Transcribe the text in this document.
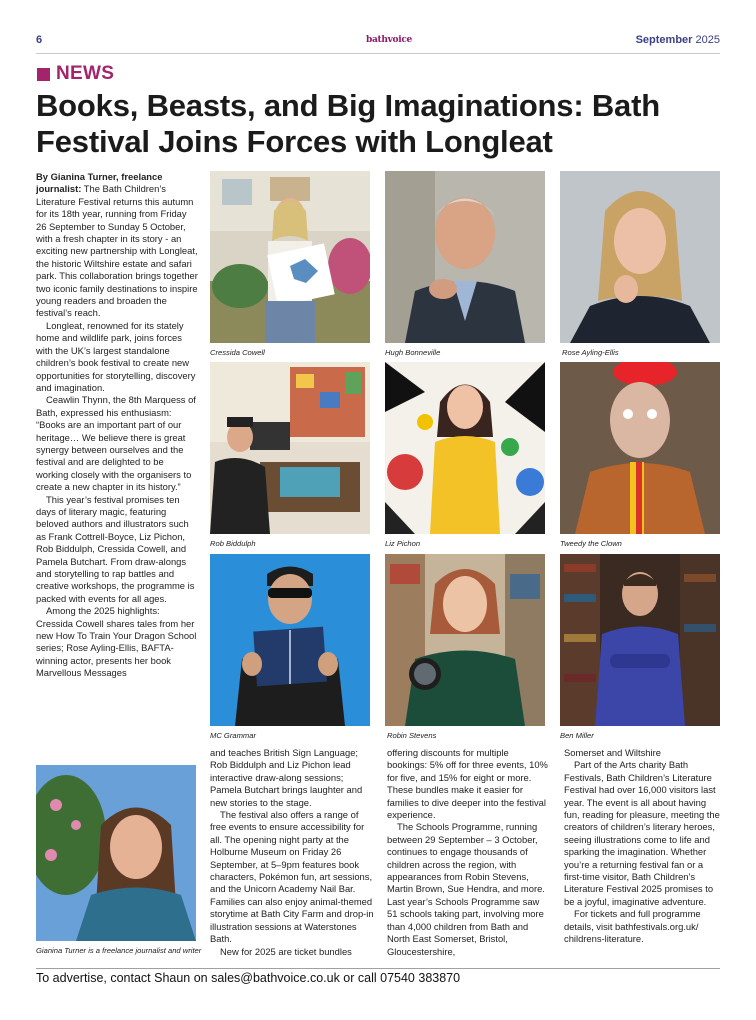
6	bathvoice	September 2025
NEWS
Books, Beasts, and Big Imaginations: Bath
Festival Joins Forces with Longleat

By Gianina Turner, freelance journalist: The Bath Children’s Literature Festival returns this autumn for its 18th year, running from Friday 26 September to Sunday 5 October, with a fresh chapter in its story - an exciting new partnership with Longleat, the historic Wiltshire estate and safari park. This collaboration brings together two iconic family destinations to inspire young readers and broaden the festival’s reach.

Longleat, renowned for its stately home and wildlife park, joins forces with the UK’s largest standalone children’s book festival to create new opportunities for storytelling, discovery and imagination.

Ceawlin Thynn, the 8th Marquess of Bath, expressed his enthusiasm: “Books are an important part of our heritage… We believe there is great synergy between ourselves and the festival and are delighted to be working closely with the organisers to create a new chapter in its history.”

This year’s festival promises ten days of literary magic, featuring beloved authors and illustrators such as Frank Cottrell-Boyce, Liz Pichon, Rob Biddulph, Cressida Cowell, and Pamela Butchart. From draw-alongs and storytelling to rap battles and creative workshops, the programme is packed with events for all ages.

Among the 2025 highlights: Cressida Cowell shares tales from her new How To Train Your Dragon School series; Rose Ayling-Ellis, BAFTA-winning actor, presents her book Marvellous Messages

Cressida Cowell	Hugh Bonneville	Rose Ayling-Ellis
Rob Biddulph	Liz Pichon	Tweedy the Clown
MC Grammar	Robin Stevens	Ben Miller
Gianina Turner is a freelance journalist and writer

and teaches British Sign Language; Rob Biddulph and Liz Pichon lead interactive draw-along sessions; Pamela Butchart brings laughter and new stories to the stage.

The festival also offers a range of free events to ensure accessibility for all. The opening night party at the Holburne Museum on Friday 26 September, at 5–9pm features book characters, Pokémon fun, art sessions, and the Unicorn Academy Nail Bar. Families can also enjoy animal-themed storytime at Bath City Farm and drop-in illustration sessions at Waterstones Bath.

New for 2025 are ticket bundles

offering discounts for multiple bookings: 5% off for three events, 10% for five, and 15% for eight or more. These bundles make it easier for families to dive deeper into the festival experience.

The Schools Programme, running between 29 September – 3 October, continues to engage thousands of children across the region, with appearances from Robin Stevens, Martin Brown, Sue Hendra, and more. Last year’s Schools Programme saw 51 schools taking part, involving more than 4,000 children from Bath and North East Somerset, Bristol, Gloucestershire,

Somerset and Wiltshire

Part of the Arts charity Bath Festivals, Bath Children’s Literature Festival had over 16,000 visitors last year. The event is all about having fun, reading for pleasure, meeting the creators of children’s literary heroes, seeing illustrations come to life and sparking the imagination. Whether you’re a returning festival fan or a first-time visitor, Bath Children’s Literature Festival 2025 promises to be a joyful, imaginative adventure.

For tickets and full programme details, visit bathfestivals.org.uk/ childrens-literature.

To advertise, contact Shaun on sales@bathvoice.co.uk or call 07540 383870
